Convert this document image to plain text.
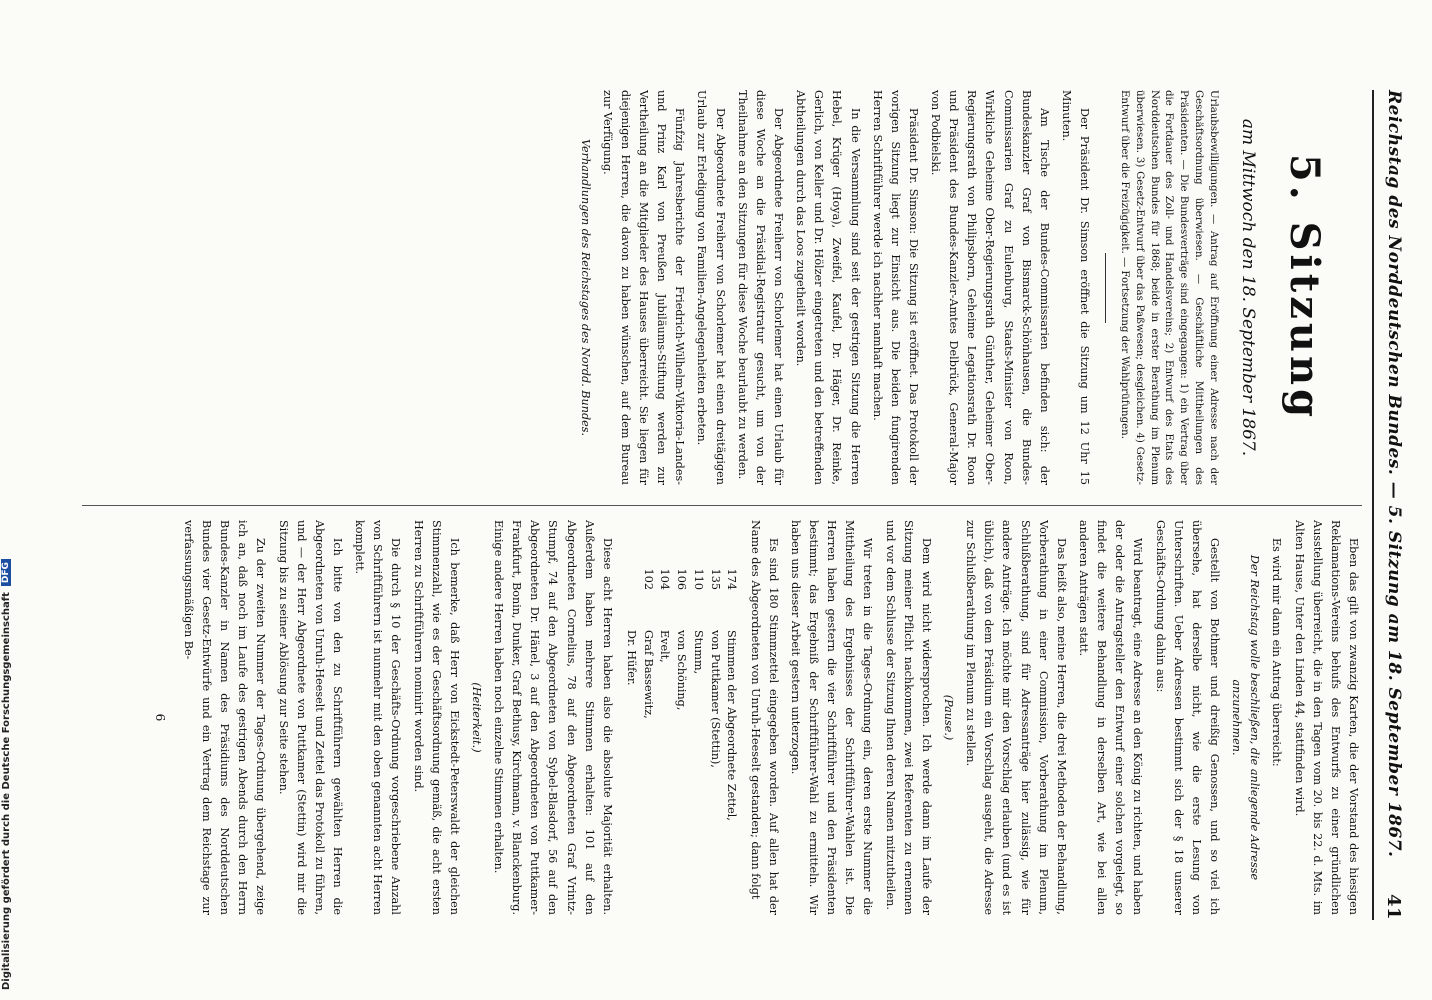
Reichstag des Norddeutschen Bundes. — 5. Sitzung am 18. September 1867.
41
5. Sitzung
am Mittwoch den 18. September 1867.
Urlaubsbewilligungen. — Antrag auf Eröffnung einer Adresse nach der Geschäftsordnung überwiesen. — Geschäftliche Mittheilungen des Präsidenten. — Die Bundesverträge sind eingegangen: 1) ein Vertrag über die Fortdauer des Zoll- und Handelsvereins; 2) Entwurf des Etats des Norddeutschen Bundes für 1868; beide in erster Berathung im Plenum überwiesen. 3) Gesetz-Entwurf über das Paßwesen; desgleichen. 4) Gesetz-Entwurf über die Freizügigkeit. — Fortsetzung der Wahlprüfungen.

Der Präsident Dr. Simson eröffnet die Sitzung um 12 Uhr 15 Minuten.

Am Tische der Bundes-Commissarien befinden sich: der Bundeskanzler Graf von Bismarck-Schönhausen, die Bundes-Commissarien Graf zu Eulenburg, Staats-Minister von Roon, Wirkliche Geheime Ober-Regierungsrath Günther, Geheimer Ober-Regierungsrath von Philipsborn, Geheime Legationsrath Dr. Roon und Präsident des Bundes-Kanzler-Amtes Delbrück, General-Major von Podbielski.

Präsident Dr. Simson: Die Sitzung ist eröffnet. Das Protokoll der vorigen Sitzung liegt zur Einsicht aus. Die beiden fungirenden Herren Schriftführer werde ich nachher namhaft machen.

In die Versammlung sind seit der gestrigen Sitzung die Herren Hebel, Krüger (Hoya), Zweifel, Kaufel, Dr. Häger, Dr. Reinke, Gerlich, von Keller und Dr. Hölzer eingetreten und den betreffenden Abtheilungen durch das Loos zugetheilt worden.

Der Abgeordnete Freiherr von Schorlemer hat einen Urlaub für diese Woche an die Präsidial-Registratur gesucht, um von der Theilnahme an den Sitzungen für diese Woche beurlaubt zu werden.

Der Abgeordnete Freiherr von Schorlemer hat einen dreitägigen Urlaub zur Erledigung von Familien-Angelegenheiten erbeten.

Fünfzig Jahresberichte der Friedrich-Wilhelm-Viktoria-Landes- und Prinz Karl von Preußen Jubiläums-Stiftung werden zur Vertheilung an die Mitglieder des Hauses überreicht. Sie liegen für diejenigen Herren, die davon zu haben wünschen, auf dem Bureau zur Verfügung.

Verhandlungen des Reichstages des Nordd. Bundes.

Eben das gilt von zwanzig Karten, die der Vorstand des hiesigen Reklamations-Vereins behufs des Entwurfs zu einer gründlichen Ausstellung überreicht, die in den Tagen vom 20. bis 22. d. Mts. im Alten Hause, Unter den Linden 44, stattfinden wird.

Es wird mir dann ein Antrag überreicht:

Der Reichstag wolle beschließen, die anliegende Adresse anzunehmen.

Gestellt von Bothmer und dreißig Genossen, und so viel ich übersehe, hat derselbe nicht, wie die erste Lesung von Unterschriften. Ueber Adressen bestimmt sich der § 18 unserer Geschäfts-Ordnung dahin aus:

Wird beantragt, eine Adresse an den König zu richten, und haben der oder die Antragsteller den Entwurf einer solchen vorgelegt, so findet die weitere Behandlung in derselben Art, wie bei allen anderen Anträgen statt.

Das heißt also, meine Herren, die drei Methoden der Behandlung, Vorberathung in einer Commission, Vorberathung im Plenum, Schlußberathung, sind für Adressanträge hier zulässig, wie für andere Anträge. Ich möchte mir den Vorschlag erlauben (und es ist üblich), daß von dem Präsidium ein Vorschlag ausgeht, die Adresse zur Schlußberathung im Plenum zu stellen.

(Pause.)

Dem wird nicht widersprochen. Ich werde dann im Laufe der Sitzung meiner Pflicht nachkommen, zwei Referenten zu ernennen und vor dem Schlusse der Sitzung Ihnen deren Namen mitzutheilen.

Wir treten in die Tages-Ordnung ein, deren erste Nummer die Mittheilung des Ergebnisses der Schriftführer-Wahlen ist. Die Herren haben gestern die vier Schriftführer und den Präsidenten bestimmt; das Ergebniß der Schriftführer-Wahl zu ermitteln. Wir haben uns dieser Arbeit gestern unterzogen.

Es sind 180 Stimmzettel eingegeben worden. Auf allen hat der Name des Abgeordneten von Unruh-Heeselt gestanden; dann folgt

174
Stimmen der Abgeordnete Zettel,
135
von Puttkamer (Stettin),
110
Stumm,
106
von Schöning,
104
Evelt,
102
Graf Bassewitz,
Dr. Hüfer.

Diese acht Herren haben also die absolute Majorität erhalten. Außerdem haben mehrere Stimmen erhalten: 101 auf den Abgeordneten Cornelius, 78 auf den Abgeordneten Graf Vrintz-Stumpf, 74 auf den Abgeordneten von Sybel-Blasdorf, 56 auf den Abgeordneten Dr. Hänel, 3 auf den Abgeordneten von Puttkamer-Frankfurt, Bonin, Dunker, Graf Bethusy, Kirchmann, v. Blanckenburg. Einige andere Herren haben noch einzelne Stimmen erhalten.

(Heiterkeit.)

Ich bemerke, daß Herr von Eickstedt-Peterswaldt der gleichen Stimmenzahl, wie es der Geschäftsordnung gemäß, die acht ersten Herren zu Schriftführern nominirt worden sind.

Die durch § 10 der Geschäfts-Ordnung vorgeschriebene Anzahl von Schriftführern ist nunmehr mit den oben genannten acht Herren komplett.

Ich bitte von den zu Schriftführern gewählten Herren die Abgeordneten von Unruh-Heeselt und Zettel das Protokoll zu führen, und — der Herr Abgeordnete von Puttkamer (Stettin) wird mir die Sitzung bis zu seiner Ablösung zur Seite stehen.

Zu der zweiten Nummer der Tages-Ordnung übergehend, zeige ich an, daß noch im Laufe des gestrigen Abends durch den Herrn Bundes-Kanzler in Namen des Präsidiums des Norddeutschen Bundes vier Gesetz-Entwürfe und ein Vertrag dem Reichstage zur verfassungsmäßigen Be-

6
Digitalisierung gefördert durch die Deutsche Forschungsgemeinschaft
DFG
